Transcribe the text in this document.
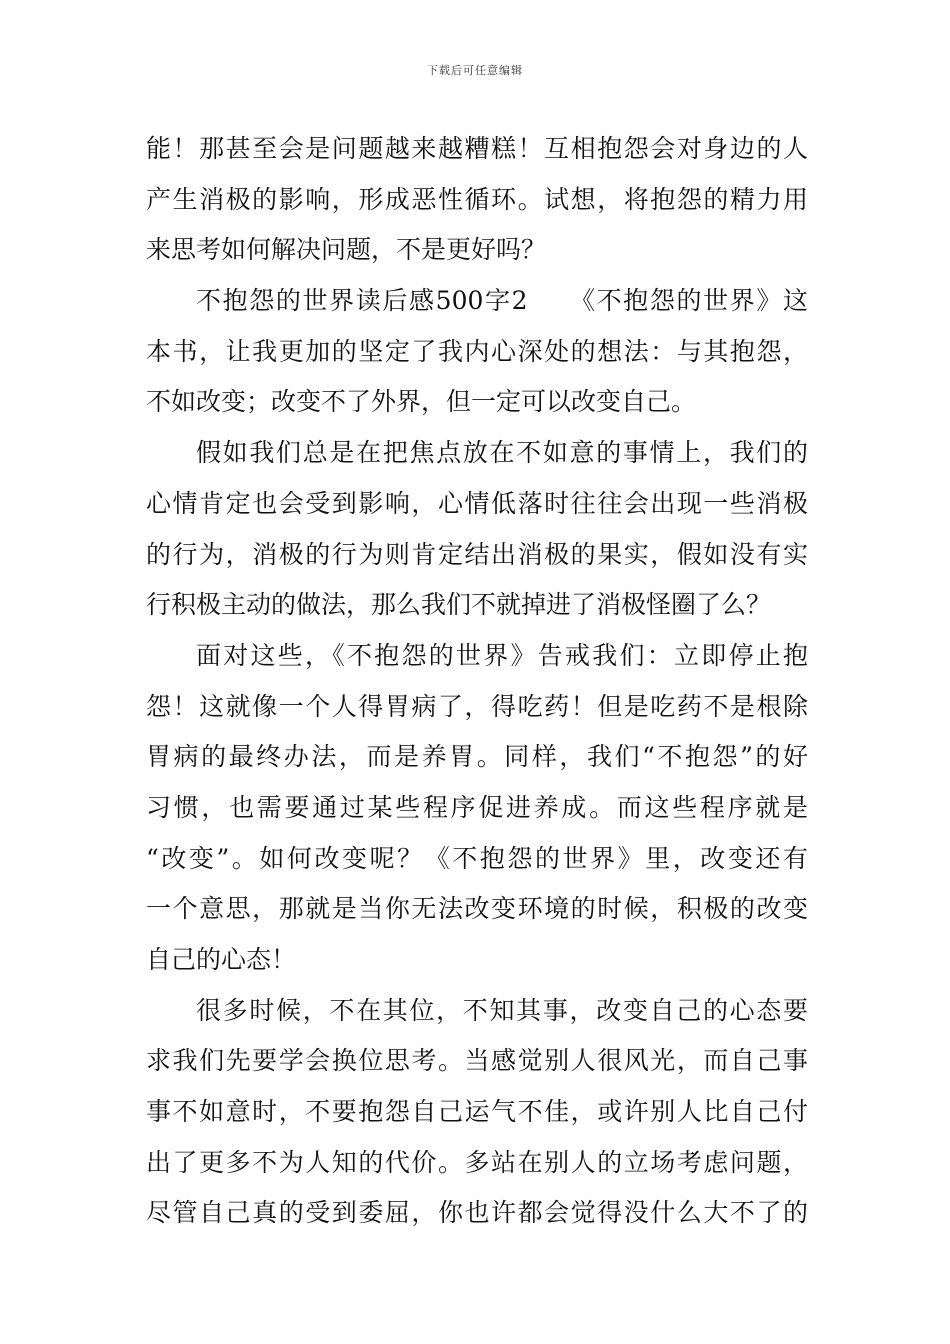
下载后可任意编辑
能！那甚至会是问题越来越糟糕！互相抱怨会对身边的人
产生消极的影响，形成恶性循环。试想，将抱怨的精力用
来思考如何解决问题，不是更好吗？
不抱怨的世界读后感500字2　　《不抱怨的世界》这
本书，让我更加的坚定了我内心深处的想法：与其抱怨，
不如改变；改变不了外界，但一定可以改变自己。
假如我们总是在把焦点放在不如意的事情上，我们的
心情肯定也会受到影响，心情低落时往往会出现一些消极
的行为，消极的行为则肯定结出消极的果实，假如没有实
行积极主动的做法，那么我们不就掉进了消极怪圈了么？
面对这些，《不抱怨的世界》告戒我们：立即停止抱
怨！这就像一个人得胃病了，得吃药！但是吃药不是根除
胃病的最终办法，而是养胃。同样，我们“不抱怨”的好
习惯，也需要通过某些程序促进养成。而这些程序就是
“改变”。如何改变呢？《不抱怨的世界》里，改变还有
一个意思，那就是当你无法改变环境的时候，积极的改变
自己的心态！
很多时候，不在其位，不知其事，改变自己的心态要
求我们先要学会换位思考。当感觉别人很风光，而自己事
事不如意时，不要抱怨自己运气不佳，或许别人比自己付
出了更多不为人知的代价。多站在别人的立场考虑问题，
尽管自己真的受到委屈，你也许都会觉得没什么大不了的
